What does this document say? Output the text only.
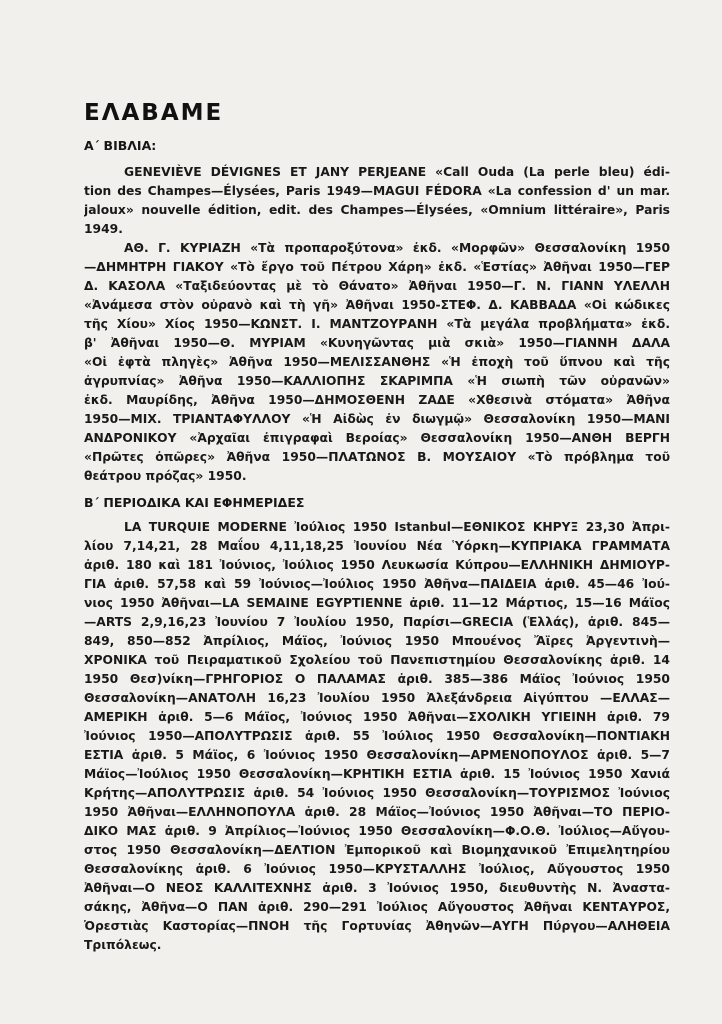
ΕΛΑΒΑΜΕ
Α΄ ΒΙΒΛΙΑ:
GENEVIÈVE DÉVIGNES ET JANY PERJEANE «Call Ouda (La perle bleu) édi-
tion des Champes—Élysées, Paris 1949—MAGUI FÉDORA «La confession d' un mar.
jaloux» nouvelle édition, edit. des Champes—Élysées, «Omnium littéraire», Paris
1949.
ΑΘ. Γ. ΚΥΡΙΑΖΗ «Τὰ προπαροξύτονα» ἐκδ. «Μορφῶν» Θεσσαλονίκη 1950
—ΔΗΜΗΤΡΗ ΓΙΑΚΟΥ «Τὸ ἔργο τοῦ Πέτρου Χάρη» ἐκδ. «Ἑστίας» Ἀθῆναι 1950—ΓΕΡ
Δ. ΚΑΣΟΛΑ «Ταξιδεύοντας μὲ τὸ Θάνατο» Ἀθῆναι 1950—Γ. Ν. ΓΙΑΝΝ ΥΛΕΛΛΗ
«Ἀνάμεσα στὸν οὐρανὸ καὶ τὴ γῆ» Ἀθῆναι 1950-ΣΤΕΦ. Δ. ΚΑΒΒΑΔΑ «Οἱ κώδικες
τῆς Χίου» Χίος 1950—ΚΩΝΣΤ. Ι. ΜΑΝΤΖΟΥΡΑΝΗ «Τὰ μεγάλα προβλήματα» ἐκδ.
β' Ἀθῆναι 1950—Θ. ΜΥΡΙΑΜ «Κυνηγῶντας μιὰ σκιὰ» 1950—ΓΙΑΝΝΗ ΔΑΛΑ
«Οἱ ἑφτὰ πληγὲς» Ἀθῆνα 1950—ΜΕΛΙΣΣΑΝΘΗΣ «Ἡ ἐποχὴ τοῦ ὕπνου καὶ τῆς
ἀγρυπνίας» Ἀθῆνα 1950—ΚΑΛΛΙΟΠΗΣ ΣΚΑΡΙΜΠΑ «Ἡ σιωπὴ τῶν οὐρανῶν»
ἐκδ. Μαυρίδης, Ἀθῆνα 1950—ΔΗΜΟΣΘΕΝΗ ΖΑΔΕ «Χθεσινὰ στόματα» Ἀθῆνα
1950—ΜΙΧ. ΤΡΙΑΝΤΑΦΥΛΛΟΥ «Ἡ Αἰδὼς ἐν διωγμῷ» Θεσσαλονίκη 1950—ΜΑΝΙ
ΑΝΔΡΟΝΙΚΟΥ «Ἀρχαῖαι ἐπιγραφαὶ Βεροίας» Θεσσαλονίκη 1950—ΑΝΘΗ ΒΕΡΓΗ
«Πρῶτες ὀπῶρες» Ἀθῆνα 1950—ΠΛΑΤΩΝΟΣ Β. ΜΟΥΣΑΙΟΥ «Τὸ πρόβλημα τοῦ
θεάτρου πρόζας» 1950.
Β΄ ΠΕΡΙΟΔΙΚΑ ΚΑΙ ΕΦΗΜΕΡΙΔΕΣ
LA TURQUIE MODERNE Ἰούλιος 1950 Istanbul—ΕΘΝΙΚΟΣ ΚΗΡΥΞ 23,30 Ἀπρι-
λίου 7,14,21, 28 Μαΐου 4,11,18,25 Ἰουνίου Νέα Ὑόρκη—ΚΥΠΡΙΑΚΑ ΓΡΑΜΜΑΤΑ
ἀριθ. 180 καὶ 181 Ἰούνιος, Ἰούλιος 1950 Λευκωσία Κύπρου—ΕΛΛΗΝΙΚΗ ΔΗΜΙΟΥΡ-
ΓΙΑ ἀριθ. 57,58 καὶ 59 Ἰούνιος—Ἰούλιος 1950 Ἀθῆνα—ΠΑΙΔΕΙΑ ἀριθ. 45—46 Ἰού-
νιος 1950 Ἀθῆναι—LA SEMAINE EGYPTIENNE ἀριθ. 11—12 Μάρτιος, 15—16 Μάϊος
—ARTS 2,9,16,23 Ἰουνίου 7 Ἰουλίου 1950, Παρίσι—GRECIA (Ἑλλάς), ἀριθ. 845—
849, 850—852 Ἀπρίλιος, Μάϊος, Ἰούνιος 1950 Μπουένος Ἄϊρες Ἀργεντινὴ—
ΧΡΟΝΙΚΑ τοῦ Πειραματικοῦ Σχολείου τοῦ Πανεπιστημίου Θεσσαλονίκης ἀριθ. 14
1950 Θεσ)νίκη—ΓΡΗΓΟΡΙΟΣ Ο ΠΑΛΑΜΑΣ ἀριθ. 385—386 Μάϊος Ἰούνιος 1950
Θεσσαλονίκη—ΑΝΑΤΟΛΗ 16,23 Ἰουλίου 1950 Ἀλεξάνδρεια Αἰγύπτου —ΕΛΛΑΣ—
ΑΜΕΡΙΚΗ ἀριθ. 5—6 Μάϊος, Ἰούνιος 1950 Ἀθῆναι—ΣΧΟΛΙΚΗ ΥΓΙΕΙΝΗ ἀριθ. 79
Ἰούνιος 1950—ΑΠΟΛΥΤΡΩΣΙΣ ἀριθ. 55 Ἰούλιος 1950 Θεσσαλονίκη—ΠΟΝΤΙΑΚΗ
ΕΣΤΙΑ ἀριθ. 5 Μάϊος, 6 Ἰούνιος 1950 Θεσσαλονίκη—ΑΡΜΕΝΟΠΟΥΛΟΣ ἀριθ. 5—7
Μάϊος—Ἰούλιος 1950 Θεσσαλονίκη—ΚΡΗΤΙΚΗ ΕΣΤΙΑ ἀριθ. 15 Ἰούνιος 1950 Χανιά
Κρήτης—ΑΠΟΛΥΤΡΩΣΙΣ ἀριθ. 54 Ἰούνιος 1950 Θεσσαλονίκη—ΤΟΥΡΙΣΜΟΣ Ἰούνιος
1950 Ἀθῆναι—ΕΛΛΗΝΟΠΟΥΛΑ ἀριθ. 28 Μάϊος—Ἰούνιος 1950 Ἀθῆναι—ΤΟ ΠΕΡΙΟ-
ΔΙΚΟ ΜΑΣ ἀριθ. 9 Ἀπρίλιος—Ἰούνιος 1950 Θεσσαλονίκη—Φ.Ο.Θ. Ἰούλιος—Αὔγου-
στος 1950 Θεσσαλονίκη—ΔΕΛΤΙΟΝ Ἐμπορικοῦ καὶ Βιομηχανικοῦ Ἐπιμελητηρίου
Θεσσαλονίκης ἀριθ. 6 Ἰούνιος 1950—ΚΡΥΣΤΑΛΛΗΣ Ἰούλιος, Αὔγουστος 1950
Ἀθῆναι—Ο ΝΕΟΣ ΚΑΛΛΙΤΕΧΝΗΣ ἀριθ. 3 Ἰούνιος 1950, διευθυντὴς Ν. Ἀναστα-
σάκης, Ἀθῆνα—Ο ΠΑΝ ἀριθ. 290—291 Ἰούλιος Αὔγουστος Ἀθῆναι ΚΕΝΤΑΥΡΟΣ,
Ὀρεστιὰς Καστορίας—ΠΝΟΗ τῆς Γορτυνίας Ἀθηνῶν—ΑΥΓΗ Πύργου—ΑΛΗΘΕΙΑ
Τριπόλεως.
